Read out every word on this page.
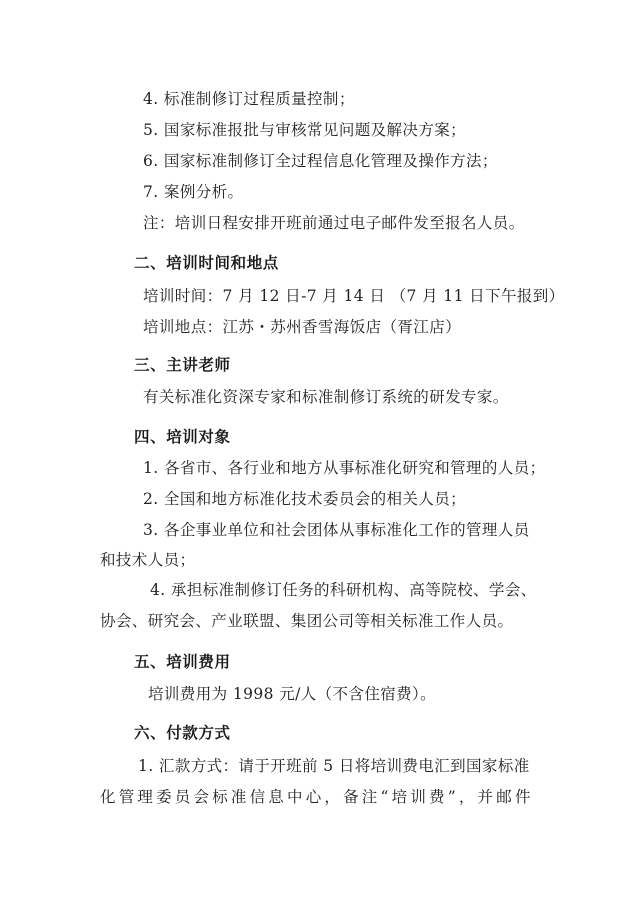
4. 标准制修订过程质量控制；
5. 国家标准报批与审核常见问题及解决方案；
6. 国家标准制修订全过程信息化管理及操作方法；
7. 案例分析。
注：培训日程安排开班前通过电子邮件发至报名人员。
二、培训时间和地点
培训时间：7 月 12 日-7 月 14 日 （7 月 11 日下午报到）
培训地点：江苏・苏州香雪海饭店（胥江店）
三、主讲老师
有关标准化资深专家和标准制修订系统的研发专家。
四、培训对象
1. 各省市、各行业和地方从事标准化研究和管理的人员；
2. 全国和地方标准化技术委员会的相关人员；
3. 各企事业单位和社会团体从事标准化工作的管理人员
和技术人员；
4. 承担标准制修订任务的科研机构、高等院校、学会、
协会、研究会、产业联盟、集团公司等相关标准工作人员。
五、培训费用
培训费用为 1998 元/人（不含住宿费）。
六、付款方式
1. 汇款方式：请于开班前 5 日将培训费电汇到国家标准
化管理委员会标准信息中心，备注“培训费”，并邮件
